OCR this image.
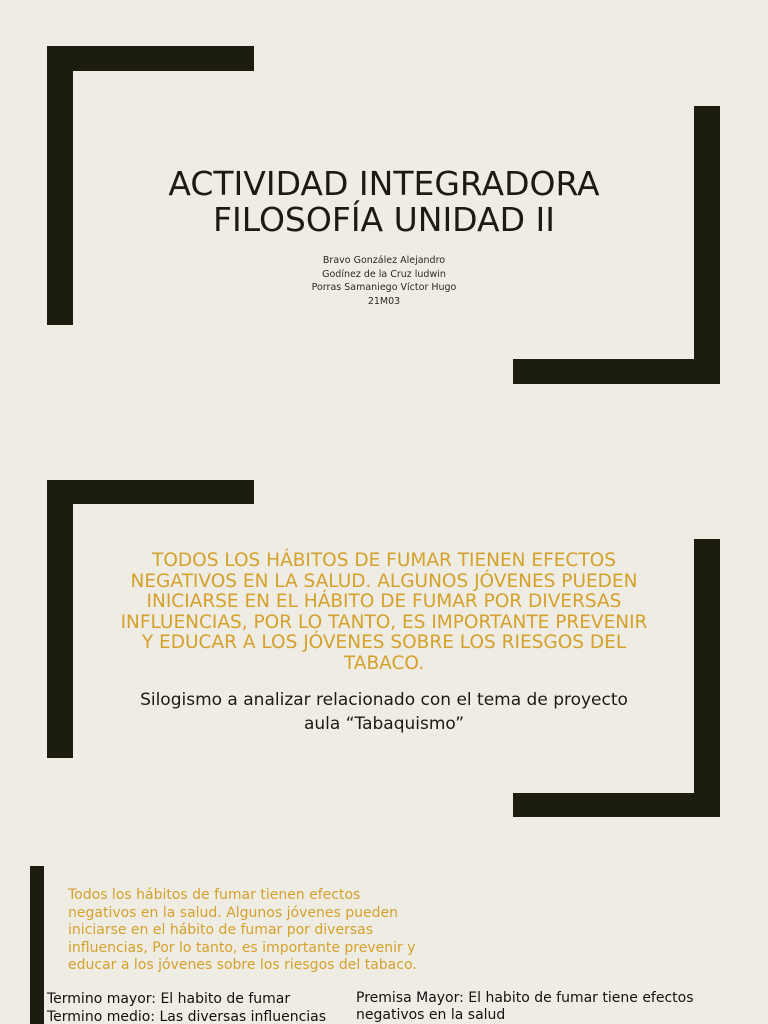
ACTIVIDAD INTEGRADORA
FILOSOFÍA UNIDAD II
Bravo González Alejandro
Godínez de la Cruz ludwin
Porras Samaniego Víctor Hugo
21M03
TODOS LOS HÁBITOS DE FUMAR TIENEN EFECTOS NEGATIVOS EN LA SALUD. ALGUNOS JÓVENES PUEDEN INICIARSE EN EL HÁBITO DE FUMAR POR DIVERSAS INFLUENCIAS, POR LO TANTO, ES IMPORTANTE PREVENIR Y EDUCAR A LOS JÓVENES SOBRE LOS RIESGOS DEL TABACO.
Silogismo a analizar relacionado con el tema de proyecto aula “Tabaquismo”
Todos los hábitos de fumar tienen efectos negativos en la salud. Algunos jóvenes pueden iniciarse en el hábito de fumar por diversas influencias, Por lo tanto, es importante prevenir y educar a los jóvenes sobre los riesgos del tabaco.
Termino mayor: El habito de fumar
Termino medio: Las diversas influencias
Premisa Mayor: El habito de fumar tiene efectos negativos en la salud
